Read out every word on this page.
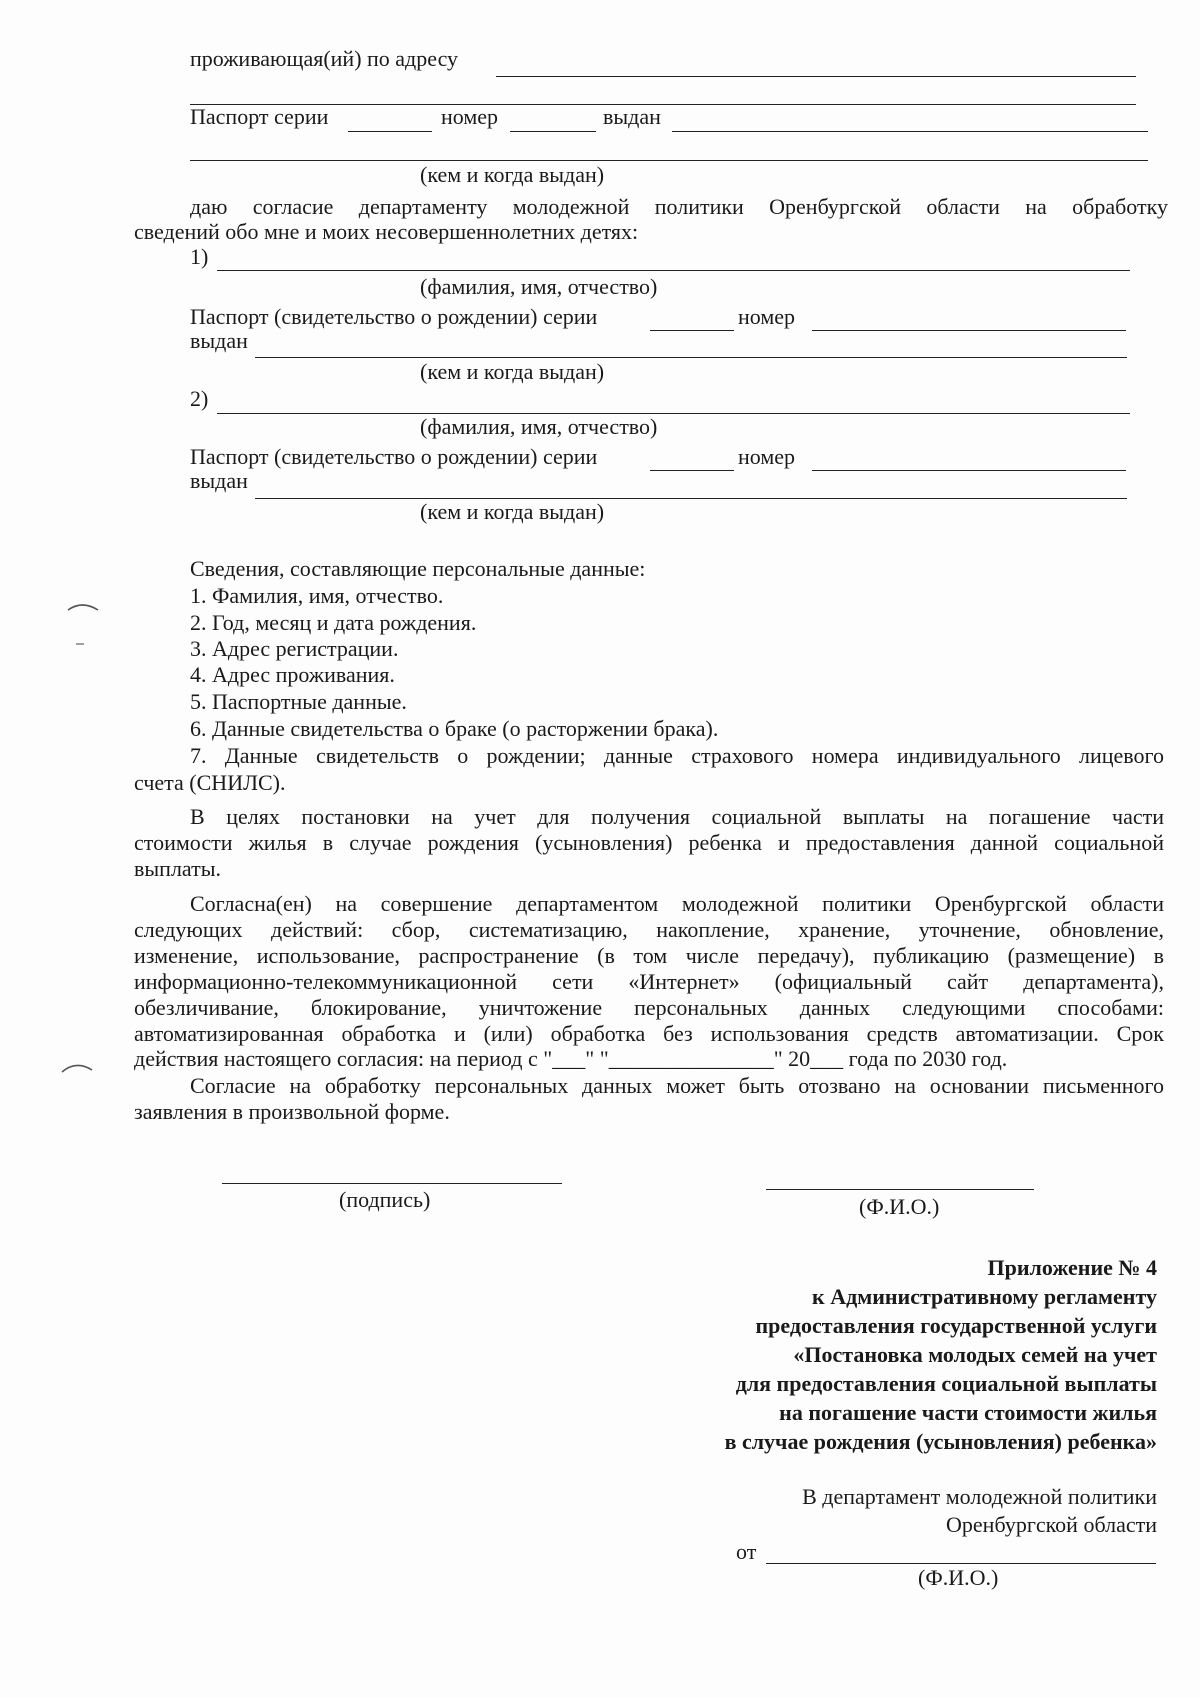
проживающая(ий) по адресу
Паспорт серии	номер	выдан
(кем и когда выдан)
даю согласие департаменту молодежной политики Оренбургской области на обработку
сведений обо мне и моих несовершеннолетних детях:
1)
(фамилия, имя, отчество)
Паспорт (свидетельство о рождении) серии	номер
выдан
(кем и когда выдан)
2)
(фамилия, имя, отчество)
Паспорт (свидетельство о рождении) серии	номер
выдан
(кем и когда выдан)
Сведения, составляющие персональные данные:
1. Фамилия, имя, отчество.
2. Год, месяц и дата рождения.
3. Адрес регистрации.
4. Адрес проживания.
5. Паспортные данные.
6. Данные свидетельства о браке (о расторжении брака).
7. Данные свидетельств о рождении; данные страхового номера индивидуального лицевого
счета (СНИЛС).
В целях постановки на учет для получения социальной выплаты на погашение части
стоимости жилья в случае рождения (усыновления) ребенка и предоставления данной социальной
выплаты.
Согласна(ен) на совершение департаментом молодежной политики Оренбургской области
следующих действий: сбор, систематизацию, накопление, хранение, уточнение, обновление,
изменение, использование, распространение (в том числе передачу), публикацию (размещение) в
информационно-телекоммуникационной сети «Интернет» (официальный сайт департамента),
обезличивание, блокирование, уничтожение персональных данных следующими способами:
автоматизированная обработка и (или) обработка без использования средств автоматизации. Срок
действия настоящего согласия: на период с "___" "_______________" 20___ года по 2030 год.
Согласие на обработку персональных данных может быть отозвано на основании письменного
заявления в произвольной форме.
(подпись)	(Ф.И.О.)
Приложение № 4
к Административному регламенту
предоставления государственной услуги
«Постановка молодых семей на учет
для предоставления социальной выплаты
на погашение части стоимости жилья
в случае рождения (усыновления) ребенка»
В департамент молодежной политики
Оренбургской области
от
(Ф.И.О.)
